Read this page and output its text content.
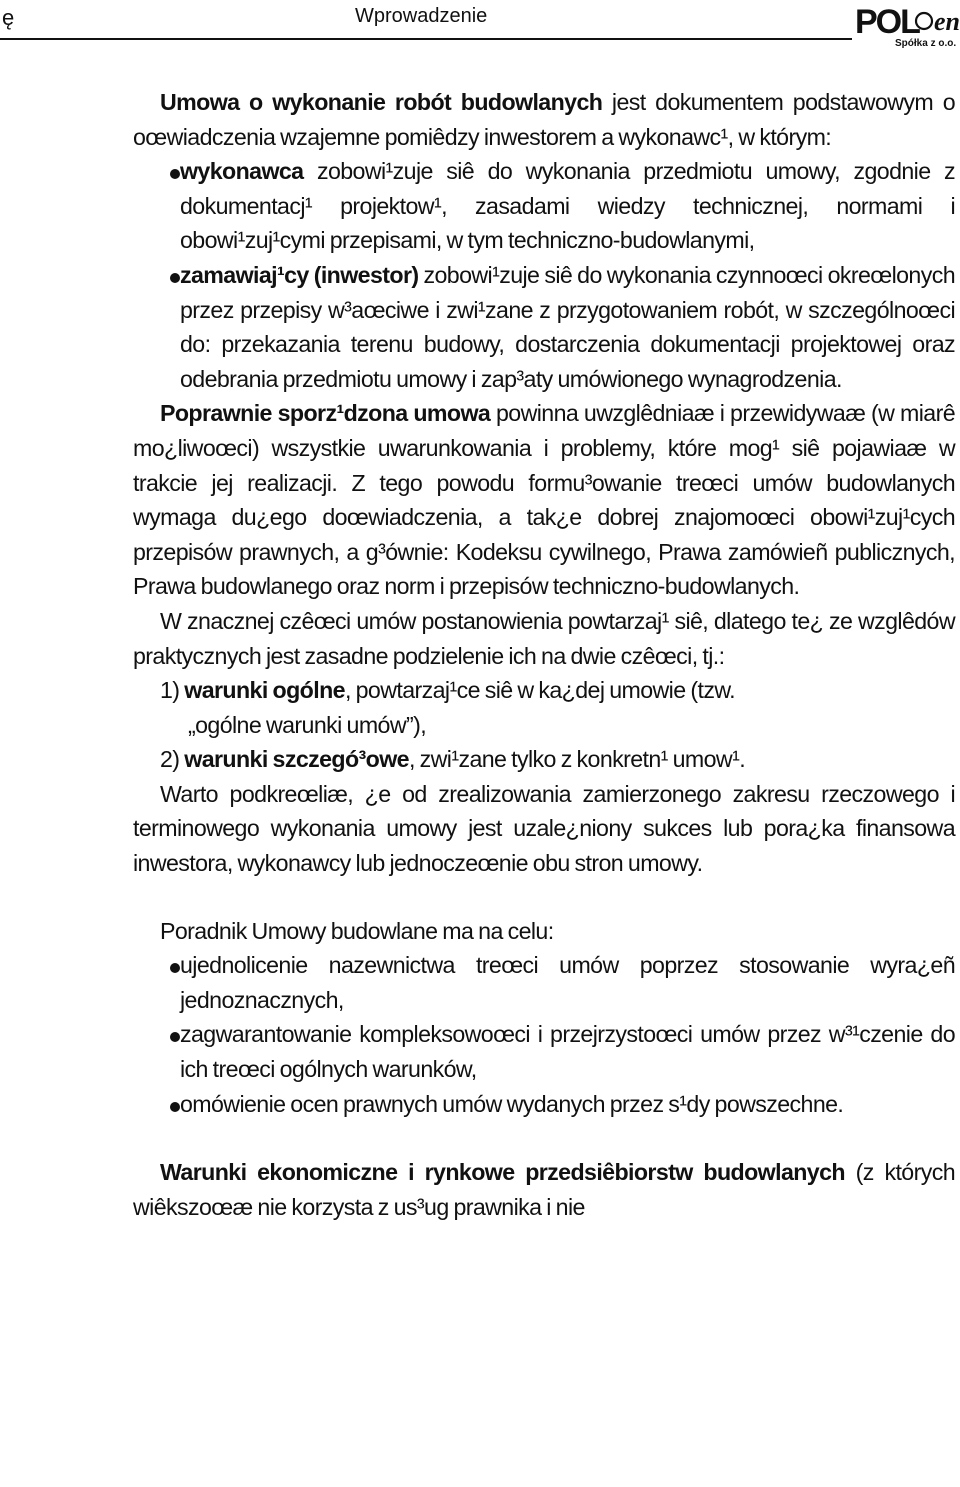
ę	Wprowadzenie	POL en
Spółka z o.o.

Umowa o wykonanie robót budowlanych jest dokumentem podstawowym o oœwiadczenia wzajemne pomiêdzy inwestorem a wykonawc¹, w którym:

wykonawca zobowi¹zuje siê do wykonania przedmiotu umowy, zgodnie z dokumentacj¹ projektow¹, zasadami wiedzy technicznej, normami i obowi¹zuj¹cymi przepisami, w tym techniczno-budowlanymi,

zamawiaj¹cy (inwestor) zobowi¹zuje siê do wykonania czynnoœci okreœlonych przez przepisy w³aœciwe i zwi¹zane z przygotowaniem robót, w szczególnoœci do: przekazania terenu budowy, dostarczenia dokumentacji projektowej oraz odebrania przedmiotu umowy i zap³aty umówionego wynagrodzenia.

Poprawnie sporz¹dzona umowa powinna uwzglêdniaæ i przewidywaæ (w miarê mo¿liwoœci) wszystkie uwarunkowania i problemy, które mog¹ siê pojawiaæ w trakcie jej realizacji. Z tego powodu formu³owanie treœci umów budowlanych wymaga du¿ego doœwiadczenia, a tak¿e dobrej znajomoœci obowi¹zuj¹cych przepisów prawnych, a g³ównie: Kodeksu cywilnego, Prawa zamówieñ publicznych, Prawa budowlanego oraz norm i przepisów techniczno-budowlanych.

W znacznej czêœci umów postanowienia powtarzaj¹ siê, dlatego te¿ ze wzglêdów praktycznych jest zasadne podzielenie ich na dwie czêœci, tj.:

1) warunki ogólne, powtarzaj¹ce siê w ka¿dej umowie (tzw.

„ogólne warunki umów”),

2) warunki szczegó³owe, zwi¹zane tylko z konkretn¹ umow¹.

Warto podkreœliæ, ¿e od zrealizowania zamierzonego zakresu rzeczowego i terminowego wykonania umowy jest uzale¿niony sukces lub pora¿ka finansowa inwestora, wykonawcy lub jednoczeœnie obu stron umowy.

Poradnik Umowy budowlane ma na celu:

ujednolicenie nazewnictwa treœci umów poprzez stosowanie wyra¿eñ jednoznacznych,

zagwarantowanie kompleksowoœci i przejrzystoœci umów przez w³¹czenie do ich treœci ogólnych warunków,

omówienie ocen prawnych umów wydanych przez s¹dy powszechne.

Warunki ekonomiczne i rynkowe przedsiêbiorstw budowlanych (z których wiêkszoœæ nie korzysta z us³ug prawnika i nie
